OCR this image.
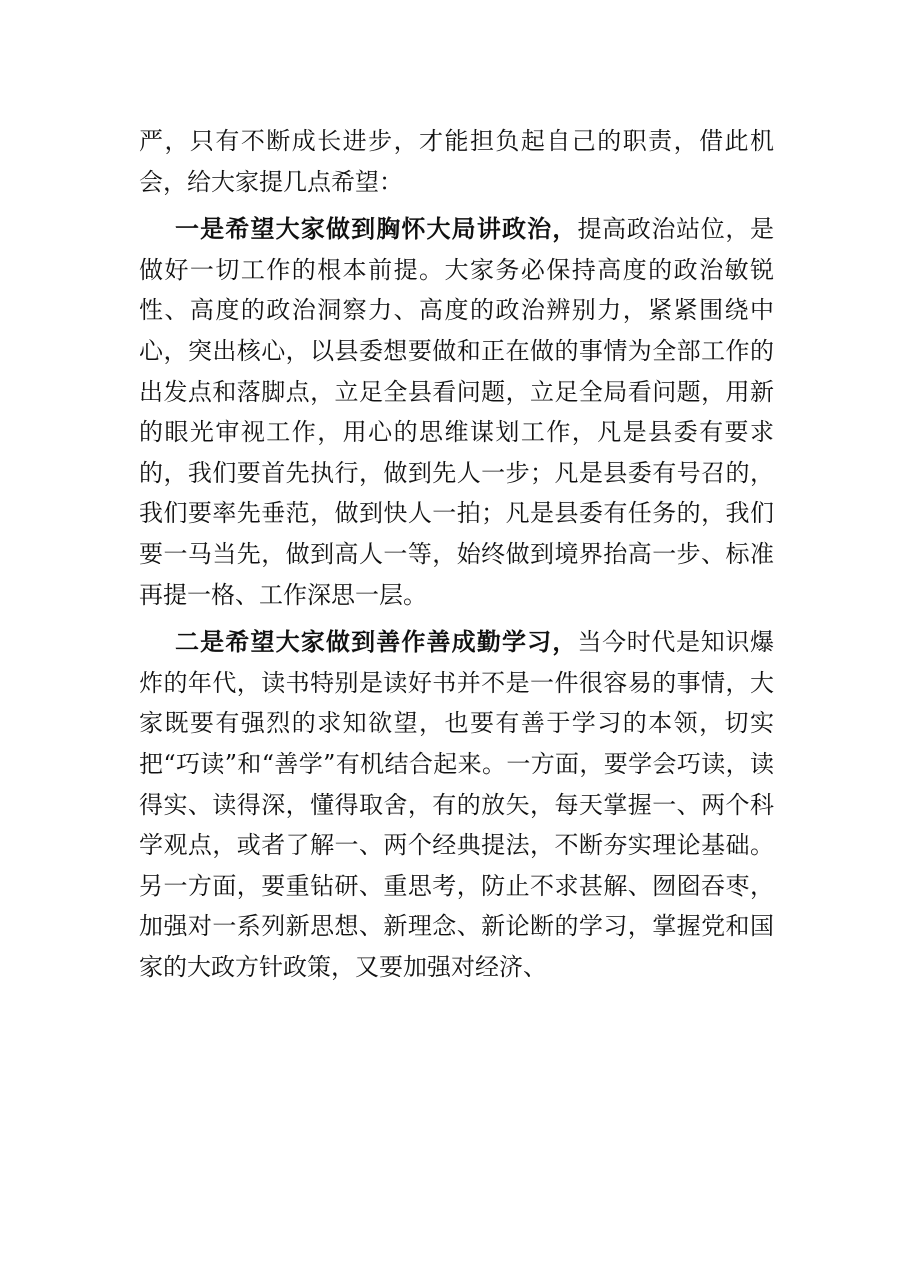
严，只有不断成长进步，才能担负起自己的职责，借此机会，给大家提几点希望：

一是希望大家做到胸怀大局讲政治，提高政治站位，是做好一切工作的根本前提。大家务必保持高度的政治敏锐性、高度的政治洞察力、高度的政治辨别力，紧紧围绕中心，突出核心，以县委想要做和正在做的事情为全部工作的出发点和落脚点，立足全县看问题，立足全局看问题，用新的眼光审视工作，用心的思维谋划工作，凡是县委有要求的，我们要首先执行，做到先人一步；凡是县委有号召的，我们要率先垂范，做到快人一拍；凡是县委有任务的，我们要一马当先，做到高人一等，始终做到境界抬高一步、标准再提一格、工作深思一层。

二是希望大家做到善作善成勤学习，当今时代是知识爆炸的年代，读书特别是读好书并不是一件很容易的事情，大家既要有强烈的求知欲望，也要有善于学习的本领，切实把“巧读”和“善学”有机结合起来。一方面，要学会巧读，读得实、读得深，懂得取舍，有的放矢，每天掌握一、两个科学观点，或者了解一、两个经典提法，不断夯实理论基础。另一方面，要重钻研、重思考，防止不求甚解、囫囵吞枣，加强对一系列新思想、新理念、新论断的学习，掌握党和国家的大政方针政策，又要加强对经济、
